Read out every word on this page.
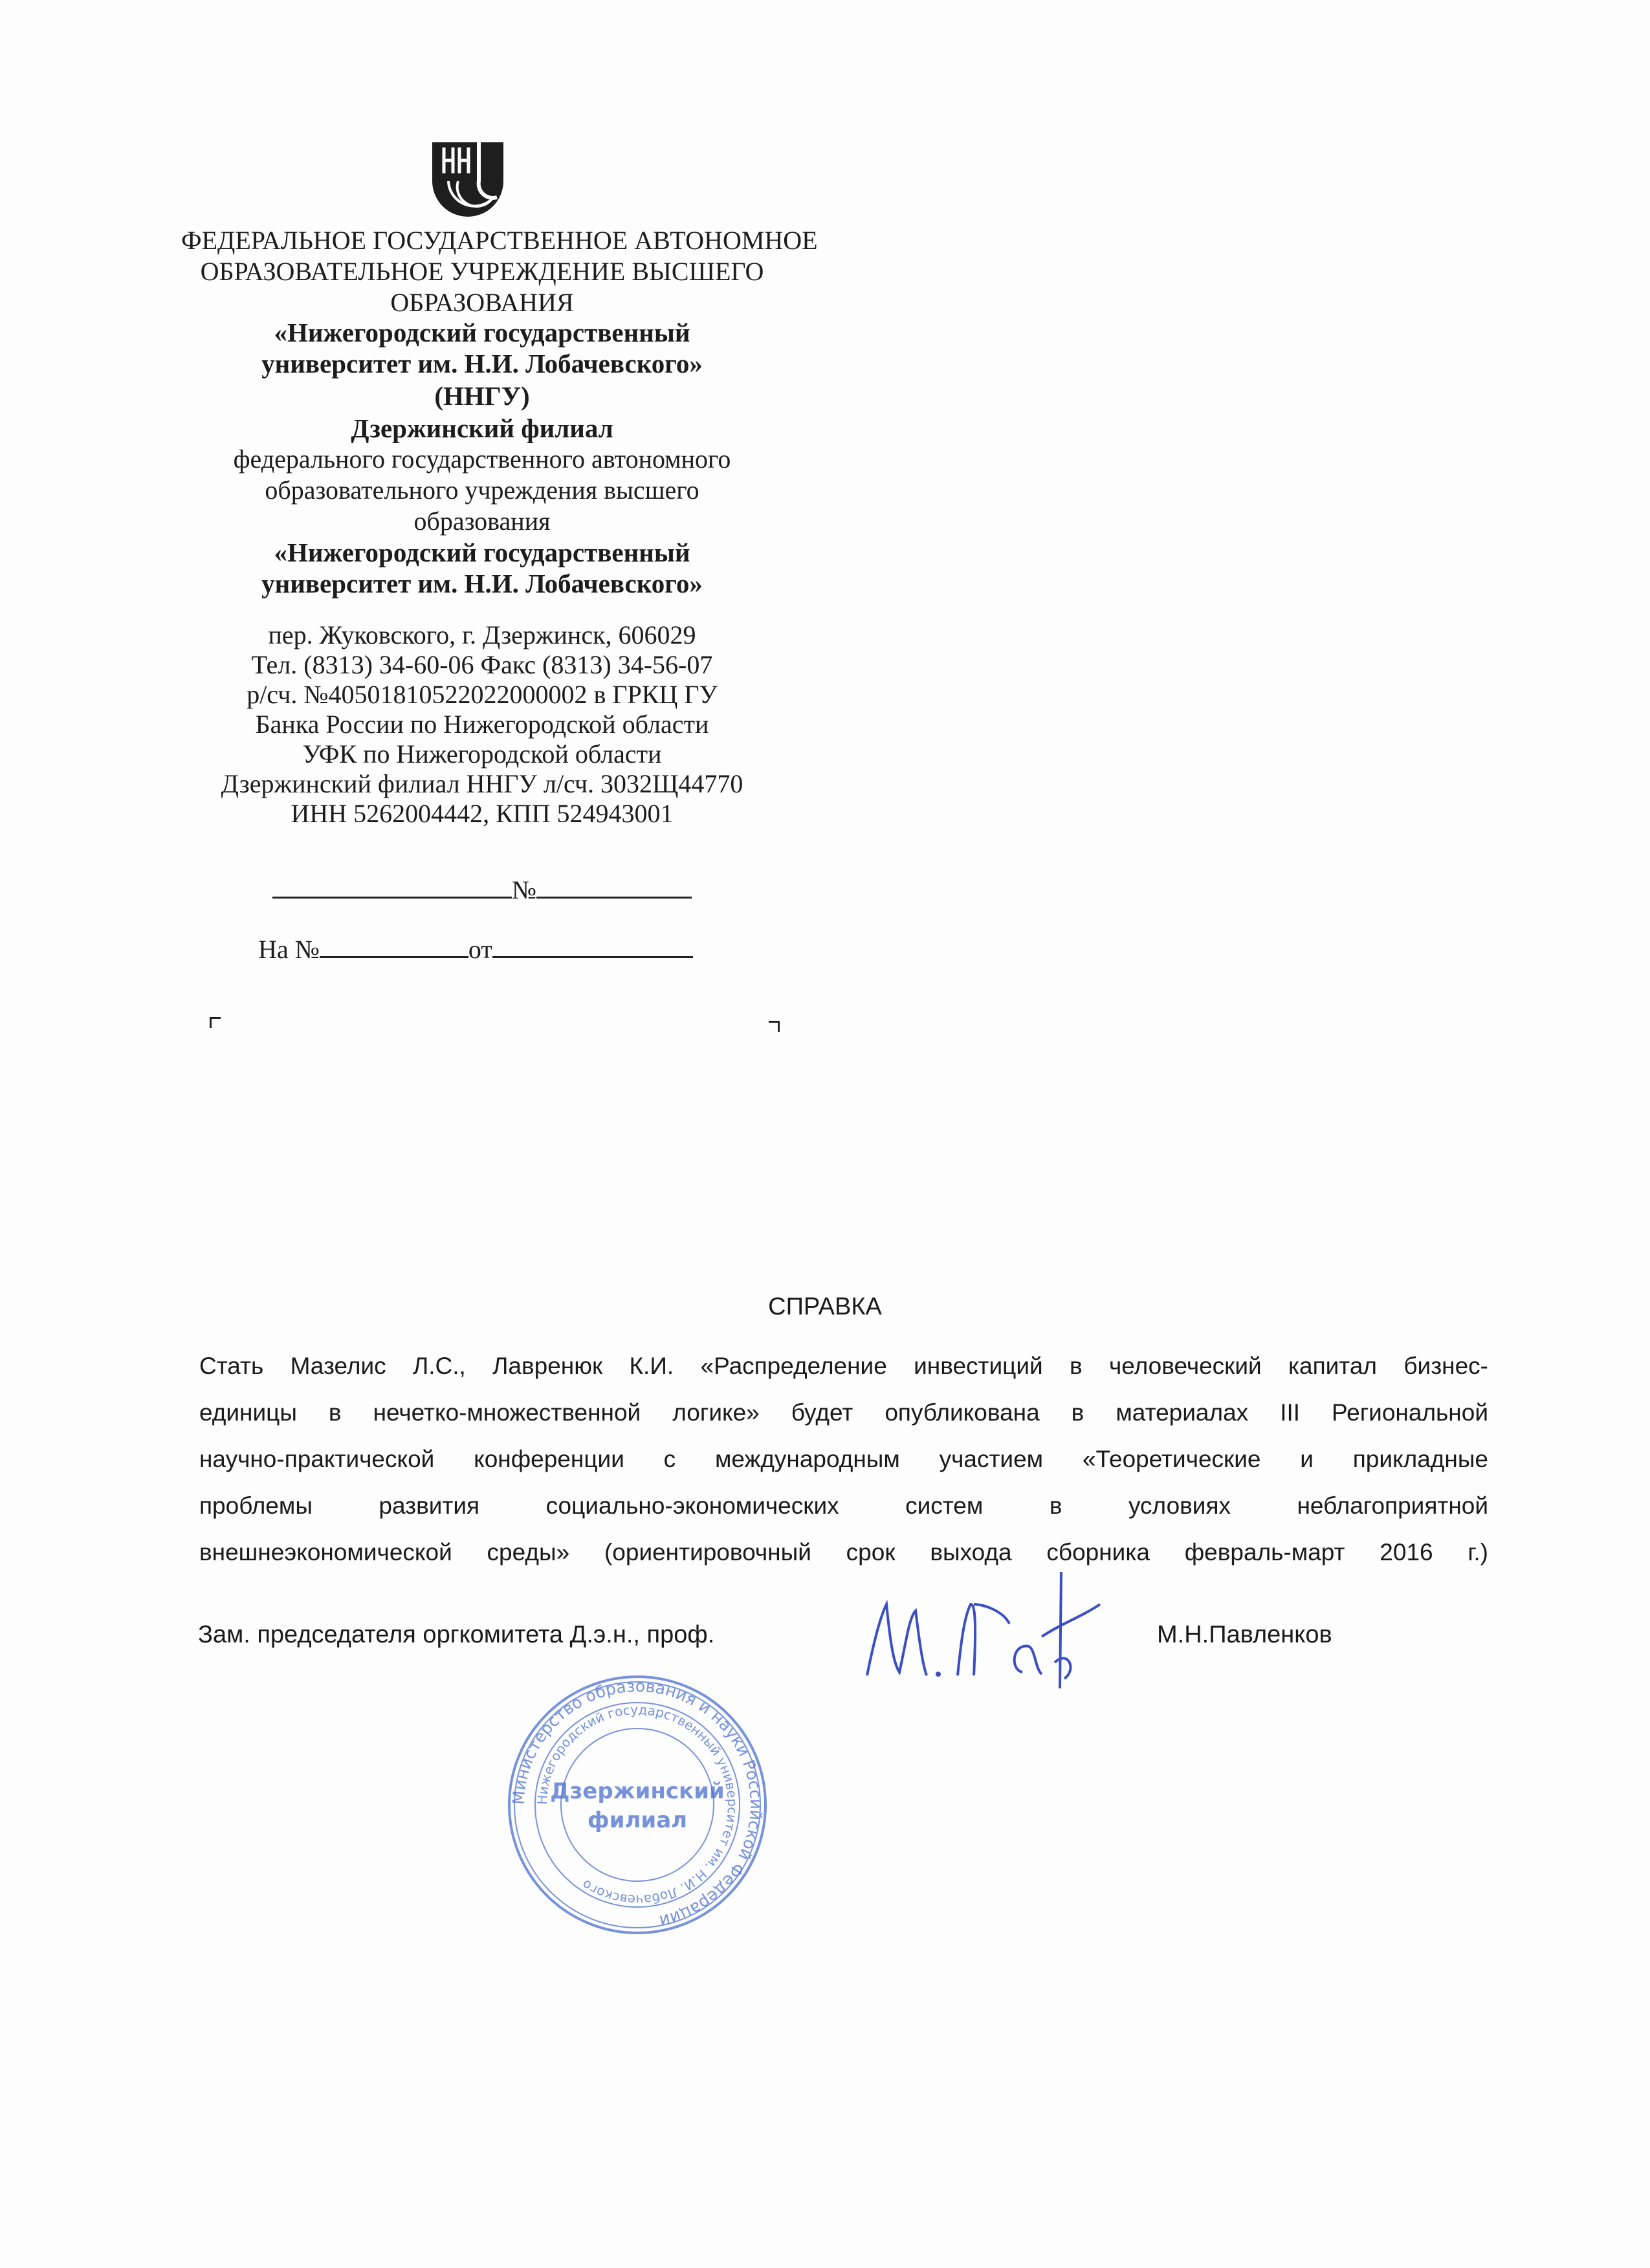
ФЕДЕРАЛЬНОЕ ГОСУДАРСТВЕННОЕ АВТОНОМНОЕ
ОБРАЗОВАТЕЛЬНОЕ УЧРЕЖДЕНИЕ ВЫСШЕГО
ОБРАЗОВАНИЯ
«Нижегородский государственный
университет им. Н.И. Лобачевского»
(ННГУ)
Дзержинский филиал
федерального государственного автономного
образовательного учреждения высшего
образования
«Нижегородский государственный
университет им. Н.И. Лобачевского»
пер. Жуковского, г. Дзержинск, 606029
Тел. (8313) 34-60-06 Факс (8313) 34-56-07
р/сч. №40501810522022000002 в ГРКЦ ГУ
Банка России по Нижегородской области
УФК по Нижегородской области
Дзержинский филиал ННГУ л/сч. 3032Щ44770
ИНН 5262004442, КПП 524943001
№
На №	от
СПРАВКА
Стать Мазелис Л.С., Лавренюк К.И. «Распределение инвестиций в человеческий капитал бизнес-
единицы в нечетко-множественной логике» будет опубликована в материалах III Региональной
научно-практической конференции с международным участием «Теоретические и прикладные
проблемы развития социально-экономических систем в условиях неблагоприятной
внешнеэкономической среды» (ориентировочный срок выхода сборника февраль-март 2016 г.)
Министерство образования и науки Российской Федерации
Нижегородский государственный университет им. Н.И. Лобачевского
Дзержинский
филиал
Зам. председателя оргкомитета Д.э.н., проф.	М.Н.Павленков
